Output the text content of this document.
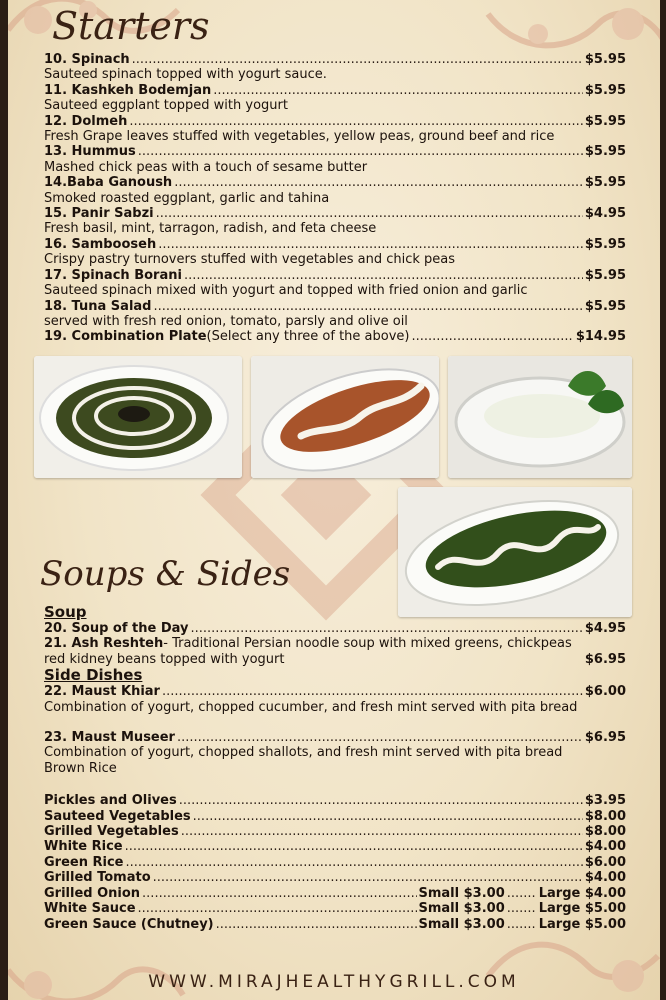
Starters
10. Spinach .....	$5.95
Sauteed spinach topped with yogurt sauce.
11. Kashkeh Bodemjan .....	$5.95
Sauteed eggplant topped with yogurt
12. Dolmeh .....	$5.95
Fresh Grape leaves stuffed with vegetables, yellow peas, ground beef and rice
13. Hummus .....	$5.95
Mashed chick peas with a touch of sesame butter
14.Baba Ganoush .....	$5.95
Smoked roasted eggplant, garlic and tahina
15. Panir Sabzi .....	$4.95
Fresh basil, mint, tarragon, radish, and feta cheese
16. Sambooseh .....	$5.95
Crispy pastry turnovers stuffed with vegetables and chick peas
17. Spinach Borani .....	$5.95
Sauteed spinach mixed with yogurt and topped with fried onion and garlic
18. Tuna Salad .....	$5.95
served with fresh red onion, tomato, parsly and olive oil
19. Combination Plate (Select any three of the above) .....	$14.95
Soups & Sides
Soup
20. Soup of the Day .....	$4.95
21. Ash Reshteh- Traditional Persian noodle soup with mixed greens, chickpeas red kidney beans topped with yogurt	$6.95
Side Dishes
22. Maust Khiar .....	$6.00
Combination of yogurt, chopped cucumber, and fresh mint served with pita bread
23. Maust Museer .....	$6.95
Combination of yogurt, chopped shallots, and fresh mint served with pita bread
Brown Rice
Pickles and Olives .....	$3.95
Sauteed Vegetables .....	$8.00
Grilled Vegetables .....	$8.00
White Rice .....	$4.00
Green Rice .....	$6.00
Grilled Tomato .....	$4.00
Grilled Onion .....	Small $3.00 .....	Large $4.00
White Sauce .....	Small $3.00 .....	Large $5.00
Green Sauce (Chutney) .....	Small $3.00 .....	Large $5.00
WWW.MIRAJHEALTHYGRILL.COM
